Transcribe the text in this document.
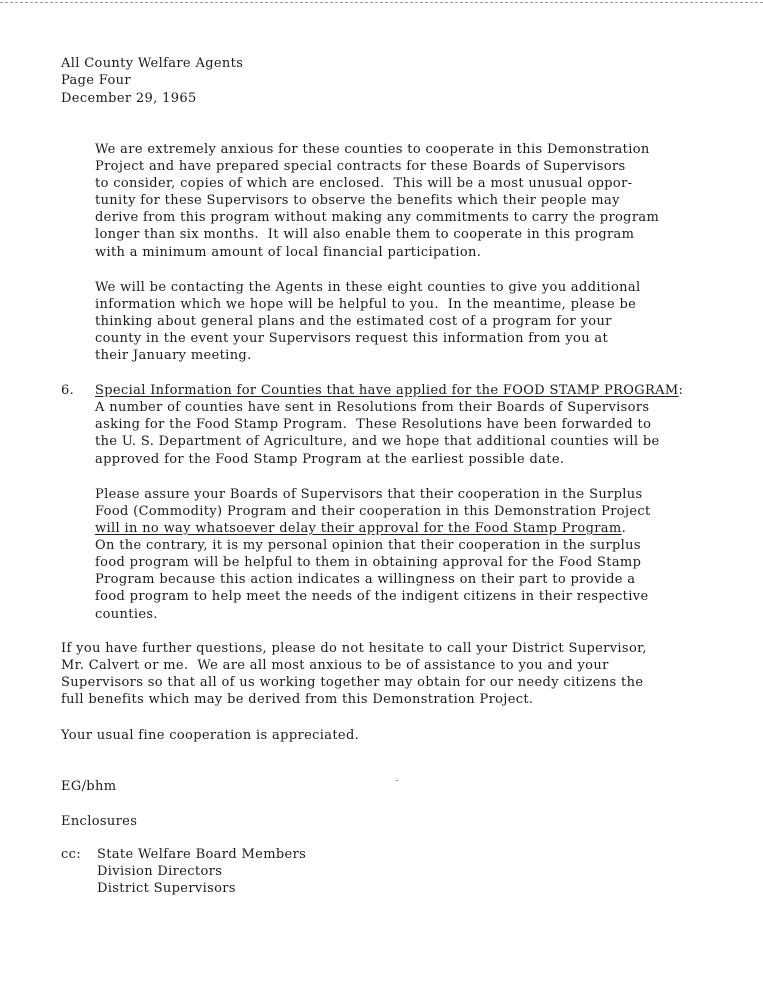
All County Welfare Agents
Page Four
December 29, 1965
We are extremely anxious for these counties to cooperate in this Demonstration
Project and have prepared special contracts for these Boards of Supervisors
to consider, copies of which are enclosed.  This will be a most unusual oppor-
tunity for these Supervisors to observe the benefits which their people may
derive from this program without making any commitments to carry the program
longer than six months.  It will also enable them to cooperate in this program
with a minimum amount of local financial participation.
We will be contacting the Agents in these eight counties to give you additional
information which we hope will be helpful to you.  In the meantime, please be
thinking about general plans and the estimated cost of a program for your
county in the event your Supervisors request this information from you at
their January meeting.
6. Special Information for Counties that have applied for the FOOD STAMP PROGRAM:
A number of counties have sent in Resolutions from their Boards of Supervisors
asking for the Food Stamp Program.  These Resolutions have been forwarded to
the U. S. Department of Agriculture, and we hope that additional counties will be
approved for the Food Stamp Program at the earliest possible date.
Please assure your Boards of Supervisors that their cooperation in the Surplus
Food (Commodity) Program and their cooperation in this Demonstration Project
will in no way whatsoever delay their approval for the Food Stamp Program.
On the contrary, it is my personal opinion that their cooperation in the surplus
food program will be helpful to them in obtaining approval for the Food Stamp
Program because this action indicates a willingness on their part to provide a
food program to help meet the needs of the indigent citizens in their respective
counties.
If you have further questions, please do not hesitate to call your District Supervisor,
Mr. Calvert or me.  We are all most anxious to be of assistance to you and your
Supervisors so that all of us working together may obtain for our needy citizens the
full benefits which may be derived from this Demonstration Project.
Your usual fine cooperation is appreciated.
EG/bhm
Enclosures
cc: State Welfare Board Members
Division Directors
District Supervisors
